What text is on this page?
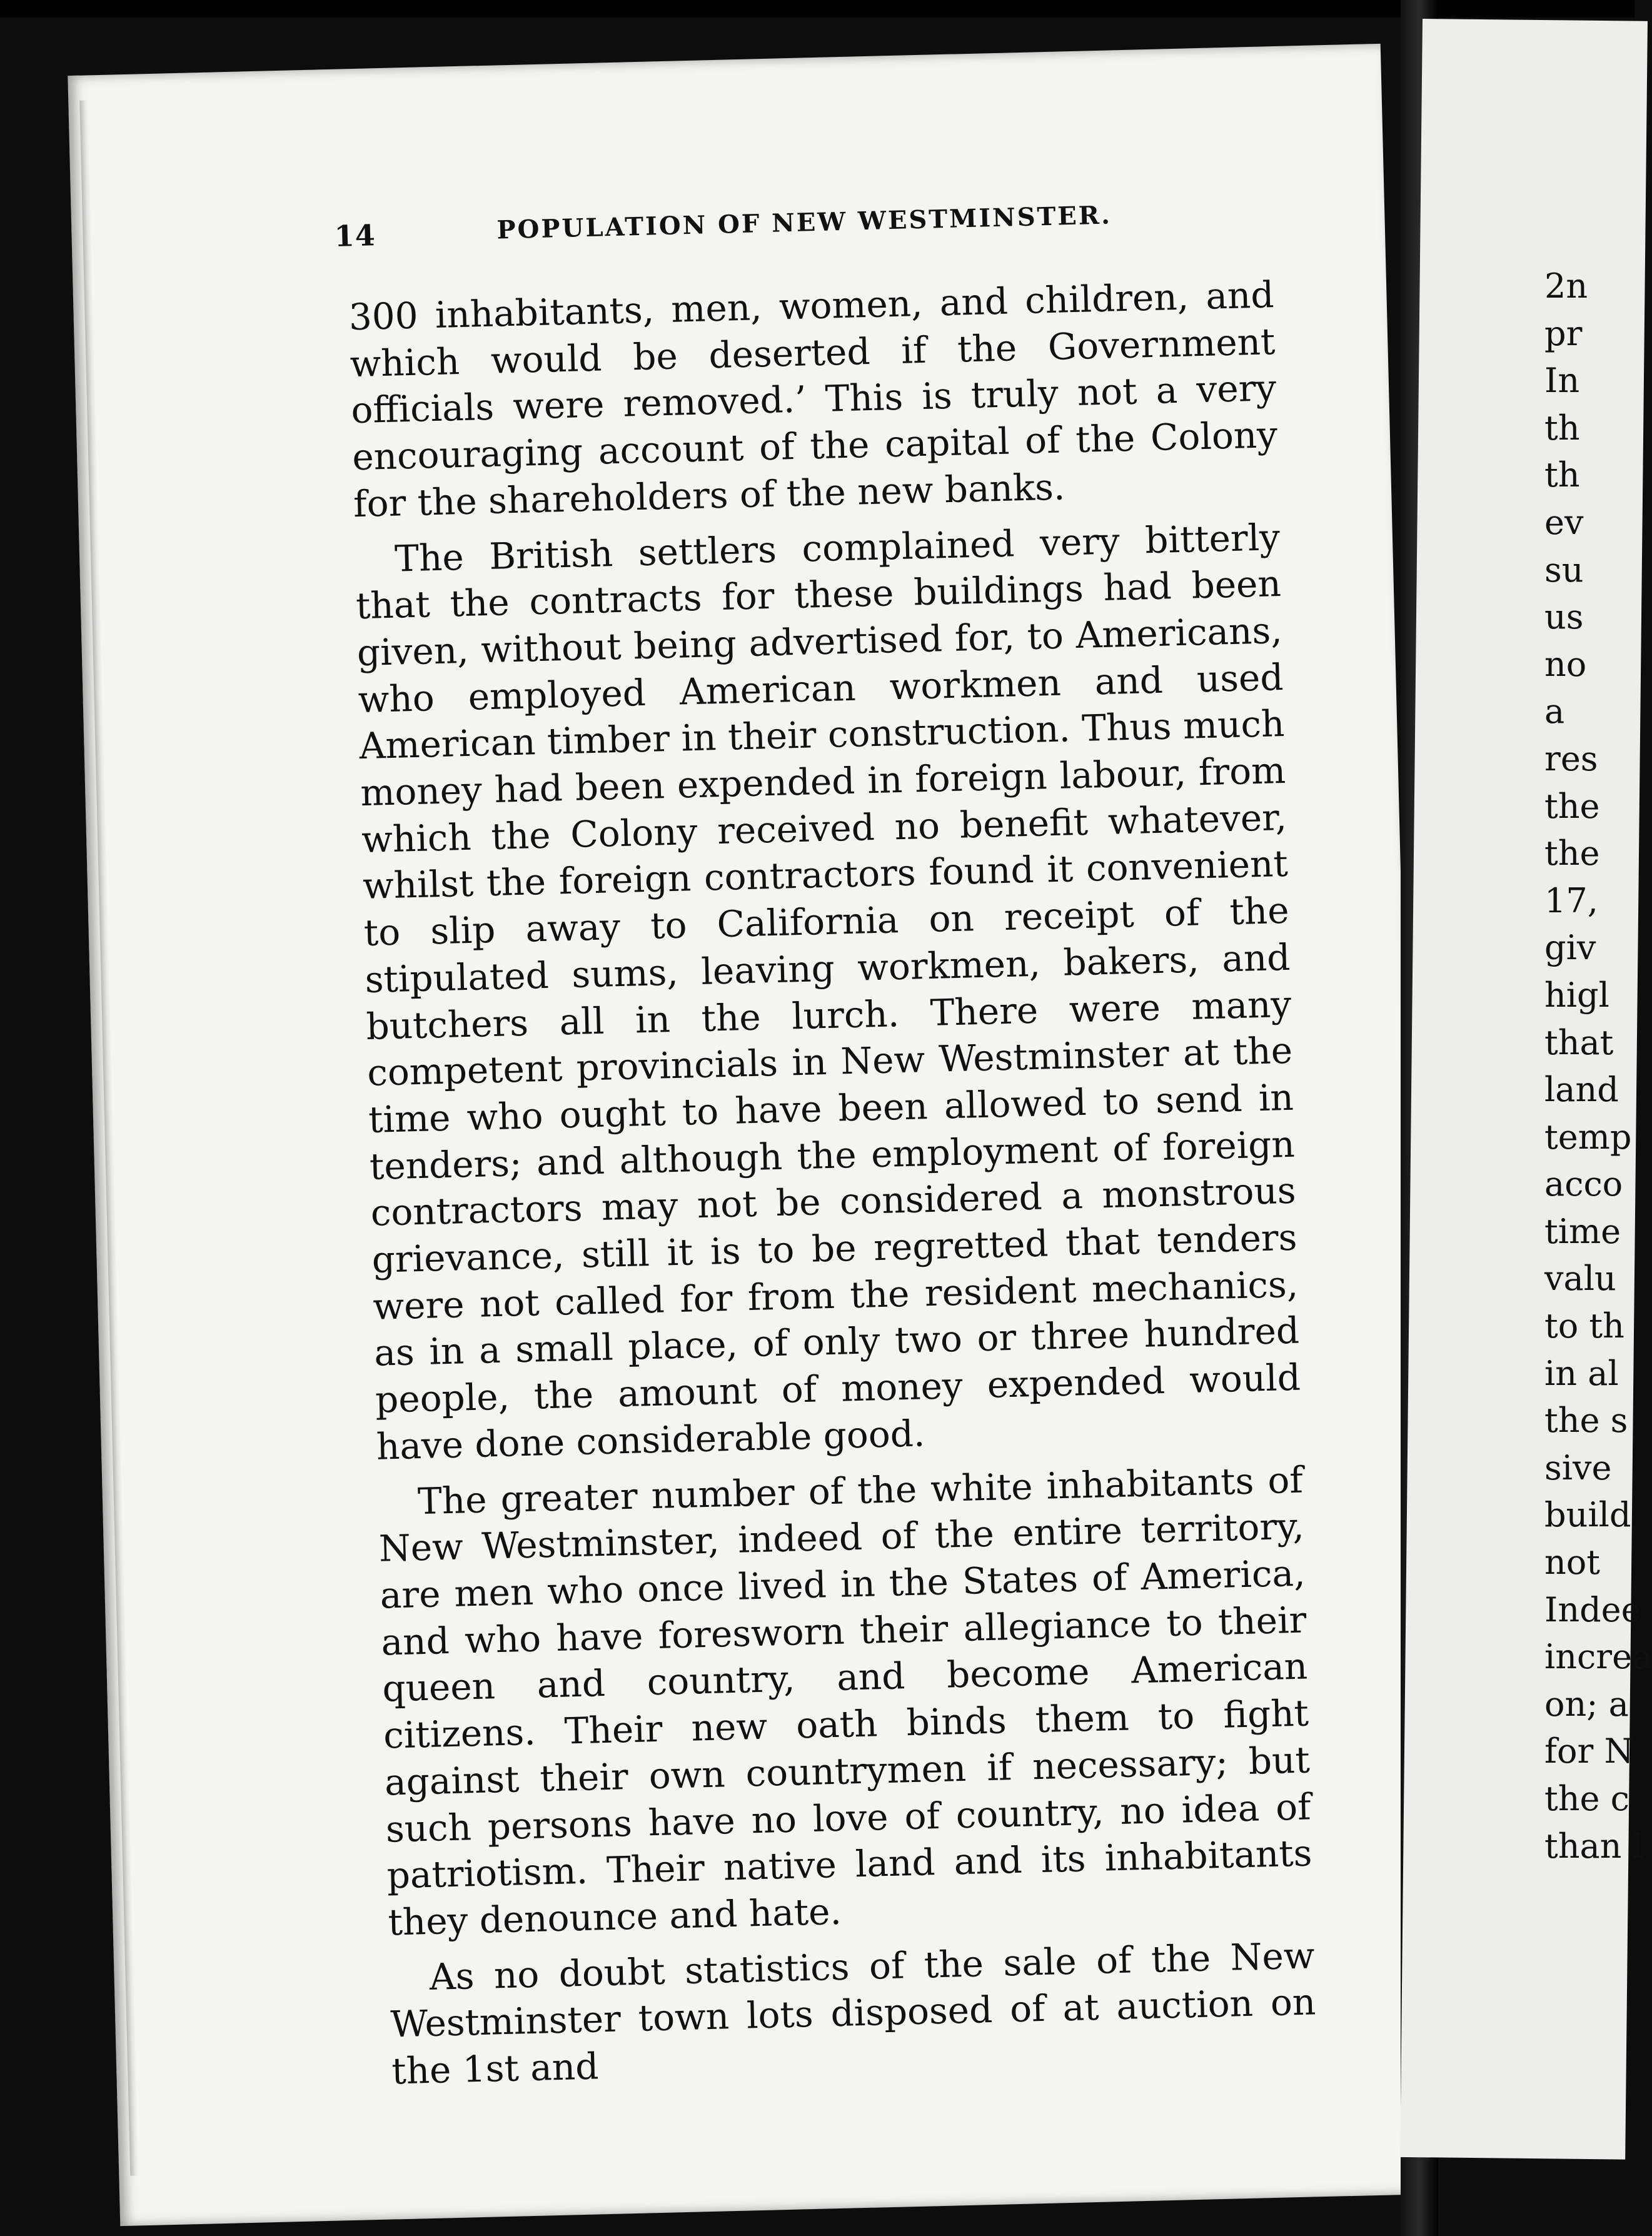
14	POPULATION OF NEW WESTMINSTER.

300 inhabitants, men, women, and children, and which would be deserted if the Government officials were removed.’ This is truly not a very encouraging account of the capital of the Colony for the shareholders of the new banks.

The British settlers complained very bitterly that the contracts for these buildings had been given, without being advertised for, to Americans, who employed American workmen and used American timber in their construction. Thus much money had been expended in foreign labour, from which the Colony received no benefit whatever, whilst the foreign contractors found it convenient to slip away to California on receipt of the stipulated sums, leaving workmen, bakers, and butchers all in the lurch. There were many competent provincials in New Westminster at the time who ought to have been allowed to send in tenders; and although the employment of foreign contractors may not be considered a monstrous grievance, still it is to be regretted that tenders were not called for from the resident mechanics, as in a small place, of only two or three hundred people, the amount of money expended would have done considerable good.

The greater number of the white inhabitants of New Westminster, indeed of the entire territory, are men who once lived in the States of America, and who have foresworn their allegiance to their queen and country, and become American citizens. Their new oath binds them to fight against their own countrymen if necessary; but such persons have no love of country, no idea of patriotism. Their native land and its inhabitants they denounce and hate.

As no doubt statistics of the sale of the New Westminster town lots disposed of at auction on the 1st and

2n
pr
In
th
th
ev
su
us
no
a
res
the
the
17,
giv
higl
that
land
temp
acco
time
valu
to th
in al
the s
sive
build
not
Indee
increa
on; a
for N
the c
than l
